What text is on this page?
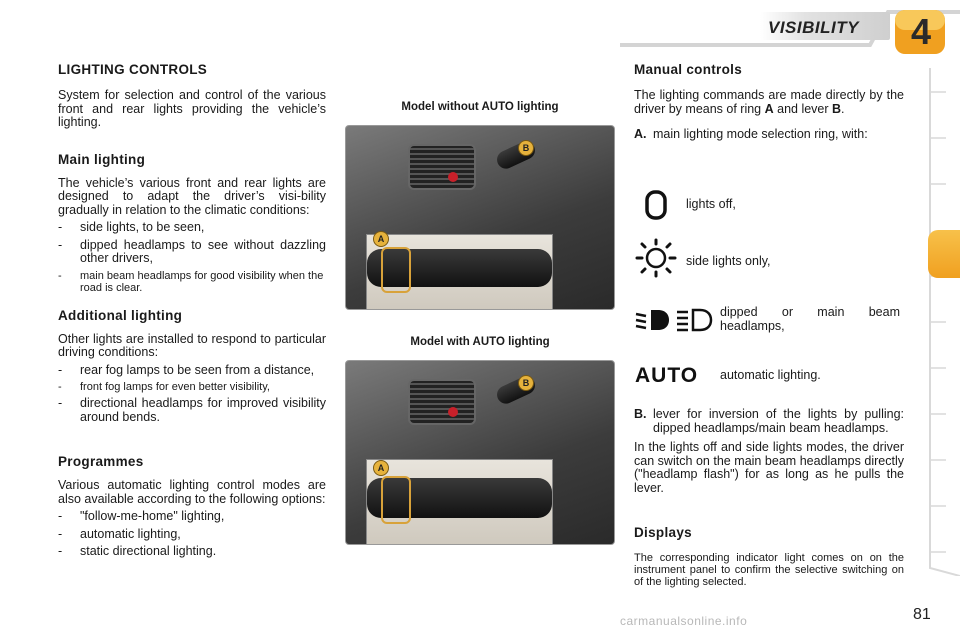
VISIBILITY 4
LIGHTING CONTROLS

System for selection and control of the various front and rear lights providing the vehicle’s lighting.

Main lighting

The vehicle’s various front and rear lights are designed to adapt the driver’s visi-bility gradually in relation to the climatic conditions:

- side lights, to be seen,
- dipped headlamps to see without dazzling other drivers,
- main beam headlamps for good visibility when the road is clear.
Additional lighting

Other lights are installed to respond to particular driving conditions:

- rear fog lamps to be seen from a distance,
- front fog lamps for even better visibility,
- directional headlamps for improved visibility around bends.
Programmes

Various automatic lighting control modes are also available according to the following options:

- "follow-me-home" lighting,
- automatic lighting,
- static directional lighting.
Model without AUTO lighting
B
A
Model with AUTO lighting
B
A
Manual controls

The lighting commands are made directly by the driver by means of ring A and lever B.

A. main lighting mode selection ring, with:
lights off,
side lights only,
dipped or main beam headlamps,
AUTO automatic lighting.
B. lever for inversion of the lights by pulling: dipped headlamps/main beam headlamps.

In the lights off and side lights modes, the driver can switch on the main beam headlamps directly ("headlamp flash") for as long as he pulls the lever.

Displays

The corresponding indicator light comes on on the instrument panel to confirm the selective switching on of the lighting selected.

81
carmanualsonline.info
